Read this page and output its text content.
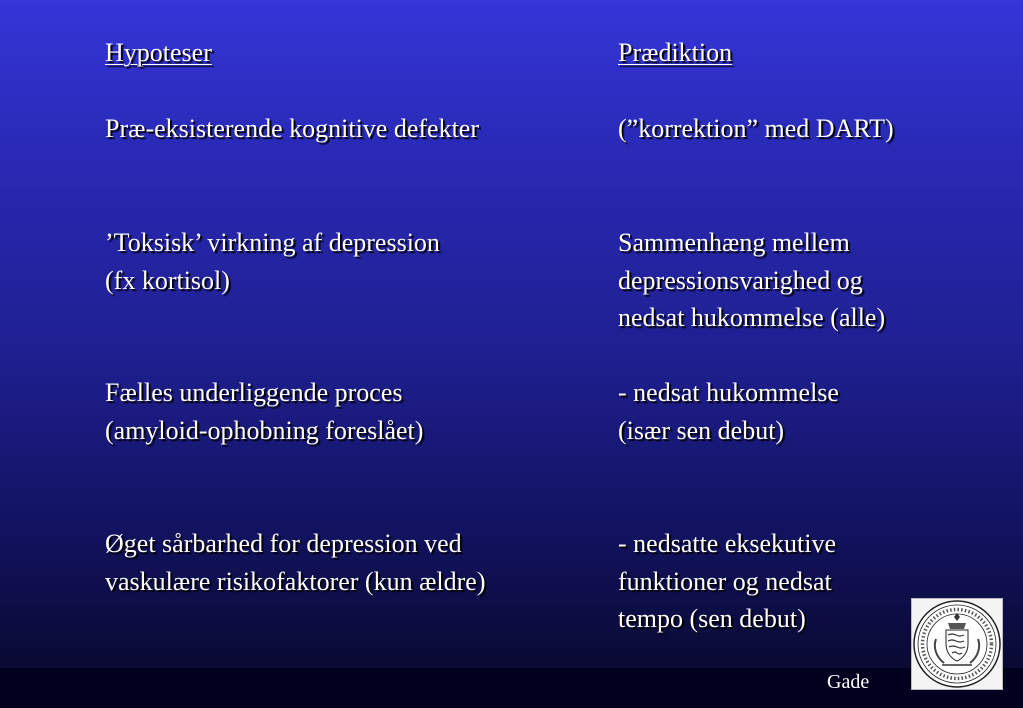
Hypoteser	Prædiktion
Præ-eksisterende kognitive defekter	(”korrektion” med DART)
’Toksisk’ virkning af depression
(fx kortisol)
Sammenhæng mellem
depressionsvarighed og
nedsat hukommelse (alle)
Fælles underliggende proces
(amyloid-ophobning foreslået)
- nedsat hukommelse
(især sen debut)
Øget sårbarhed for depression ved
vaskulære risikofaktorer (kun ældre)
- nedsatte eksekutive
funktioner og nedsat
tempo (sen debut)
Gade
